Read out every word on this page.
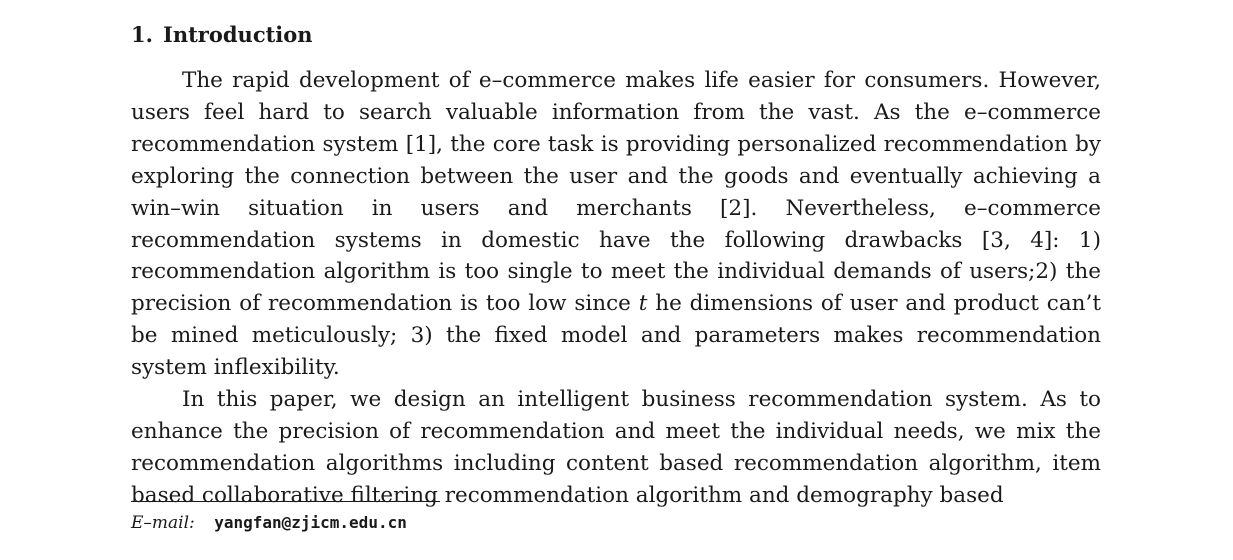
1. Introduction

The rapid development of e–commerce makes life easier for consumers. However, users feel hard to search valuable information from the vast. As the e–commerce recommendation system [1], the core task is providing personalized recommendation by exploring the connection between the user and the goods and eventually achieving a win–win situation in users and merchants [2]. Nevertheless, e–commerce recommendation systems in domestic have the following drawbacks [3, 4]: 1) recommendation algorithm is too single to meet the individual demands of users;2) the precision of recommendation is too low since t he dimensions of user and product can’t be mined meticulously; 3) the fixed model and parameters makes recommendation system inflexibility.

In this paper, we design an intelligent business recommendation system. As to enhance the precision of recommendation and meet the individual needs, we mix the recommendation algorithms including content based recommendation algorithm, item based collaborative filtering recommendation algorithm and demography based

E–mail: yangfan@zjicm.edu.cn
